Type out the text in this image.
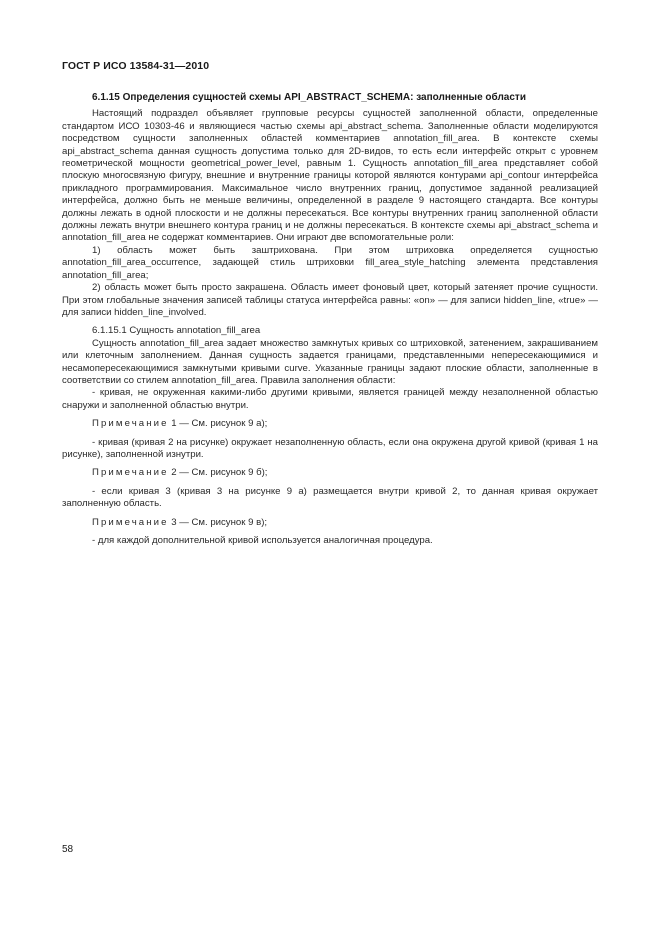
ГОСТ Р ИСО 13584-31—2010
6.1.15 Определения сущностей схемы API_ABSTRACT_SCHEMA: заполненные области

Настоящий подраздел объявляет групповые ресурсы сущностей заполненной области, определенные стандартом ИСО 10303-46 и являющиеся частью схемы api_abstract_schema. Заполненные области моделируются посредством сущности заполненных областей комментариев annotation_fill_area. В контексте схемы api_abstract_schema данная сущность допустима только для 2D-видов, то есть если интерфейс открыт с уровнем геометрической мощности geometrical_power_level, равным 1. Сущность annotation_fill_area представляет собой плоскую многосвязную фигуру, внешние и внутренние границы которой являются контурами api_contour интерфейса прикладного программирования. Максимальное число внутренних границ, допустимое заданной реализацией интерфейса, должно быть не меньше величины, определенной в разделе 9 настоящего стандарта. Все контуры должны лежать в одной плоскости и не должны пересекаться. Все контуры внутренних границ заполненной области должны лежать внутри внешнего контура границ и не должны пересекаться. В контексте схемы api_abstract_schema и annotation_fill_area не содержат комментариев. Они играют две вспомогательные роли:

1) область может быть заштрихована. При этом штриховка определяется сущностью annotation_fill_area_occurrence, задающей стиль штриховки fill_area_style_hatching элемента представления annotation_fill_area;

2) область может быть просто закрашена. Область имеет фоновый цвет, который затеняет прочие сущности. При этом глобальные значения записей таблицы статуса интерфейса равны: «on» — для записи hidden_line, «true» — для записи hidden_line_involved.

6.1.15.1 Сущность annotation_fill_area

Сущность annotation_fill_area задает множество замкнутых кривых со штриховкой, затенением, закрашиванием или клеточным заполнением. Данная сущность задается границами, представленными непересекающимися и несамопересекающимися замкнутыми кривыми curve. Указанные границы задают плоские области, заполненные в соответствии со стилем annotation_fill_area. Правила заполнения области:

- кривая, не окруженная какими-либо другими кривыми, является границей между незаполненной областью снаружи и заполненной областью внутри.

Примечание 1 — См. рисунок 9 а);

- кривая (кривая 2 на рисунке) окружает незаполненную область, если она окружена другой кривой (кривая 1 на рисунке), заполненной изнутри.

Примечание 2 — См. рисунок 9 б);

- если кривая 3 (кривая 3 на рисунке 9 а) размещается внутри кривой 2, то данная кривая окружает заполненную область.

Примечание 3 — См. рисунок 9 в);

- для каждой дополнительной кривой используется аналогичная процедура.

58
